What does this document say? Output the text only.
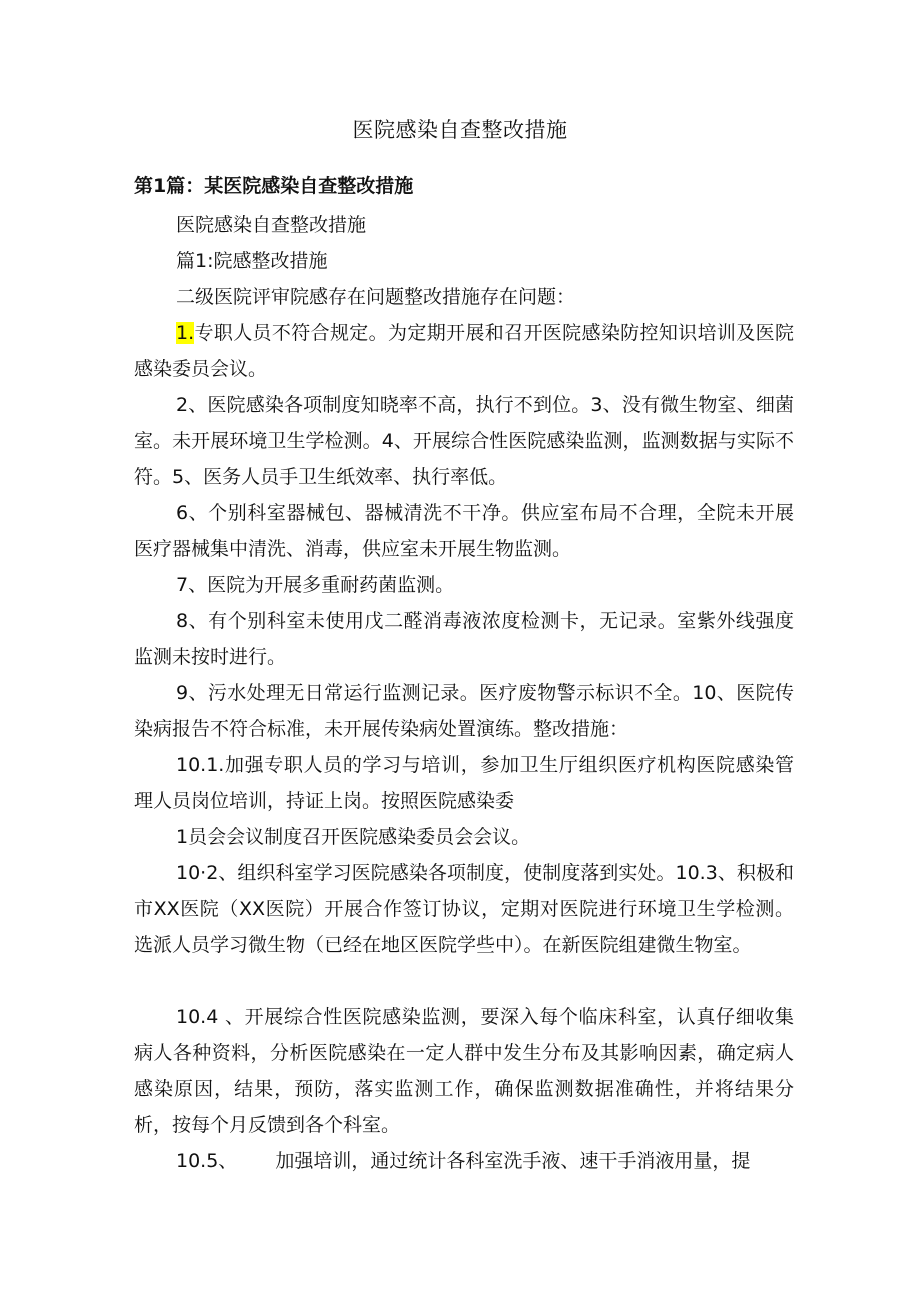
医院感染自查整改措施
第1篇：某医院感染自查整改措施

医院感染自查整改措施

篇1:院感整改措施

二级医院评审院感存在问题整改措施存在问题：

1.专职人员不符合规定。为定期开展和召开医院感染防控知识培训及医院感染委员会议。

2、医院感染各项制度知晓率不高，执行不到位。3、没有微生物室、细菌室。未开展环境卫生学检测。4、开展综合性医院感染监测，监测数据与实际不符。5、医务人员手卫生纸效率、执行率低。

6、个别科室器械包、器械清洗不干净。供应室布局不合理，全院未开展医疗器械集中清洗、消毒，供应室未开展生物监测。

7、医院为开展多重耐药菌监测。

8、有个别科室未使用戊二醛消毒液浓度检测卡，无记录。室紫外线强度监测未按时进行。

9、污水处理无日常运行监测记录。医疗废物警示标识不全。10、医院传染病报告不符合标准，未开展传染病处置演练。整改措施：

10.1.加强专职人员的学习与培训，参加卫生厅组织医疗机构医院感染管理人员岗位培训，持证上岗。按照医院感染委

1员会会议制度召开医院感染委员会会议。

10·2、组织科室学习医院感染各项制度，使制度落到实处。10.3、积极和市XX医院（XX医院）开展合作签订协议，定期对医院进行环境卫生学检测。选派人员学习微生物（已经在地区医院学些中）。在新医院组建微生物室。

10.4 、开展综合性医院感染监测，要深入每个临床科室，认真仔细收集病人各种资料，分析医院感染在一定人群中发生分布及其影响因素，确定病人感染原因，结果，预防，落实监测工作，确保监测数据准确性，并将结果分析，按每个月反馈到各个科室。

10.5、 加强培训，通过统计各科室洗手液、速干手消液用量，提
